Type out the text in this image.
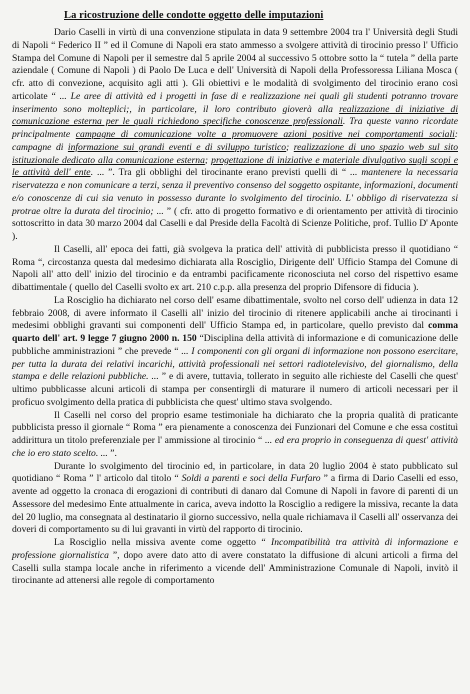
La ricostruzione delle condotte oggetto delle imputazioni

Dario Caselli in virtù di una convenzione stipulata in data 9 settembre 2004 tra l' Università degli Studi di Napoli “ Federico II ” ed il Comune di Napoli era stato ammesso a svolgere attività di tirocinio presso l' Ufficio Stampa del Comune di Napoli per il semestre dal 5 aprile 2004 al successivo 5 ottobre sotto la “ tutela ” della parte aziendale ( Comune di Napoli ) di Paolo De Luca e dell' Università di Napoli della Professoressa Liliana Mosca ( cfr. atto di convezione, acquisito agli atti ). Gli obiettivi e le modalità di svolgimento del tirocinio erano così articolate “ ... Le aree di attività ed i progetti in fase di e realizzazione nei quali gli studenti potranno trovare inserimento sono molteplici;, in particolare, il loro contributo gioverà alla realizzazione di iniziative di comunicazione esterna per le quali richiedono specifiche conoscenze professionali. Tra queste vanno ricordate principalmente campagne di comunicazione volte a promuovere azioni positive nei comportamenti sociali: campagne di informazione sui grandi eventi e di sviluppo turistico; realizzazione di uno spazio web sul sito istituzionale dedicato alla comunicazione esterna; progettazione di iniziative e materiale divulgativo sugli scopi e le attività dell' ente. ... ”. Tra gli obblighi del tirocinante erano previsti quelli di “ ... mantenere la necessaria riservatezza e non comunicare a terzi, senza il preventivo consenso del soggetto ospitante, informazioni, documenti e/o conoscenze di cui sia venuto in possesso durante lo svolgimento del tirocinio. L' obbligo di riservatezza si protrae oltre la durata del tirocinio; ... ” ( cfr. atto di progetto formativo e di orientamento per attività di tirocinio sottoscritto in data 30 marzo 2004 dal Caselli e dal Preside della Facoltà di Scienze Politiche, prof. Tullio D' Aponte ).

Il Caselli, all' epoca dei fatti, già svolgeva la pratica dell' attività di pubblicista presso il quotidiano “ Roma “, circostanza questa dal medesimo dichiarata alla Rosciglio, Dirigente dell' Ufficio Stampa del Comune di Napoli all' atto dell' inizio del tirocinio e da entrambi pacificamente riconosciuta nel corso del rispettivo esame dibattimentale ( quello del Caselli svolto ex art. 210 c.p.p. alla presenza del proprio Difensore di fiducia ).

La Rosciglio ha dichiarato nel corso dell' esame dibattimentale, svolto nel corso dell' udienza in data 12 febbraio 2008, di avere informato il Caselli all' inizio del tirocinio di ritenere applicabili anche ai tirocinanti i medesimi obblighi gravanti sui componenti dell' Ufficio Stampa ed, in particolare, quello previsto dal comma quarto dell' art. 9 legge 7 giugno 2000 n. 150 “Disciplina della attività di informazione e di comunicazione delle pubbliche amministrazioni ” che prevede “ ... I componenti con gli organi di informazione non possono esercitare, per tutta la durata dei relativi incarichi, attività professionali nei settori radiotelevisivo, del giornalismo, della stampa e delle relazioni pubbliche. ... ” e di avere, tuttavia, tollerato in seguito alle richieste del Caselli che quest' ultimo pubblicasse alcuni articoli di stampa per consentirgli di maturare il numero di articoli necessari per il proficuo svolgimento della pratica di pubblicista che quest' ultimo stava svolgendo.

Il Caselli nel corso del proprio esame testimoniale ha dichiarato che la propria qualità di praticante pubblicista presso il giornale “ Roma ” era pienamente a conoscenza dei Funzionari del Comune e che essa costituì addirittura un titolo preferenziale per l' ammissione al tirocinio “ ... ed era proprio in conseguenza di quest' attività che io ero stato scelto. ... ”.

Durante lo svolgimento del tirocinio ed, in particolare, in data 20 luglio 2004 è stato pubblicato sul quotidiano “ Roma ” l' articolo dal titolo “ Soldi a parenti e soci della Furfaro ” a firma di Dario Caselli ed esso, avente ad oggetto la cronaca di erogazioni di contributi di danaro dal Comune di Napoli in favore di parenti di un Assessore del medesimo Ente attualmente in carica, aveva indotto la Rosciglio a redigere la missiva, recante la data del 20 luglio, ma consegnata al destinatario il giorno successivo, nella quale richiamava il Caselli all' osservanza dei doveri di comportamento su di lui gravanti in virtù del rapporto di tirocinio.

La Rosciglio nella missiva avente come oggetto “ Incompatibilità tra attività di informazione e professione giornalistica ”, dopo avere dato atto di avere constatato la diffusione di alcuni articoli a firma del Caselli sulla stampa locale anche in riferimento a vicende dell' Amministrazione Comunale di Napoli, invitò il tirocinante ad attenersi alle regole di comportamento
